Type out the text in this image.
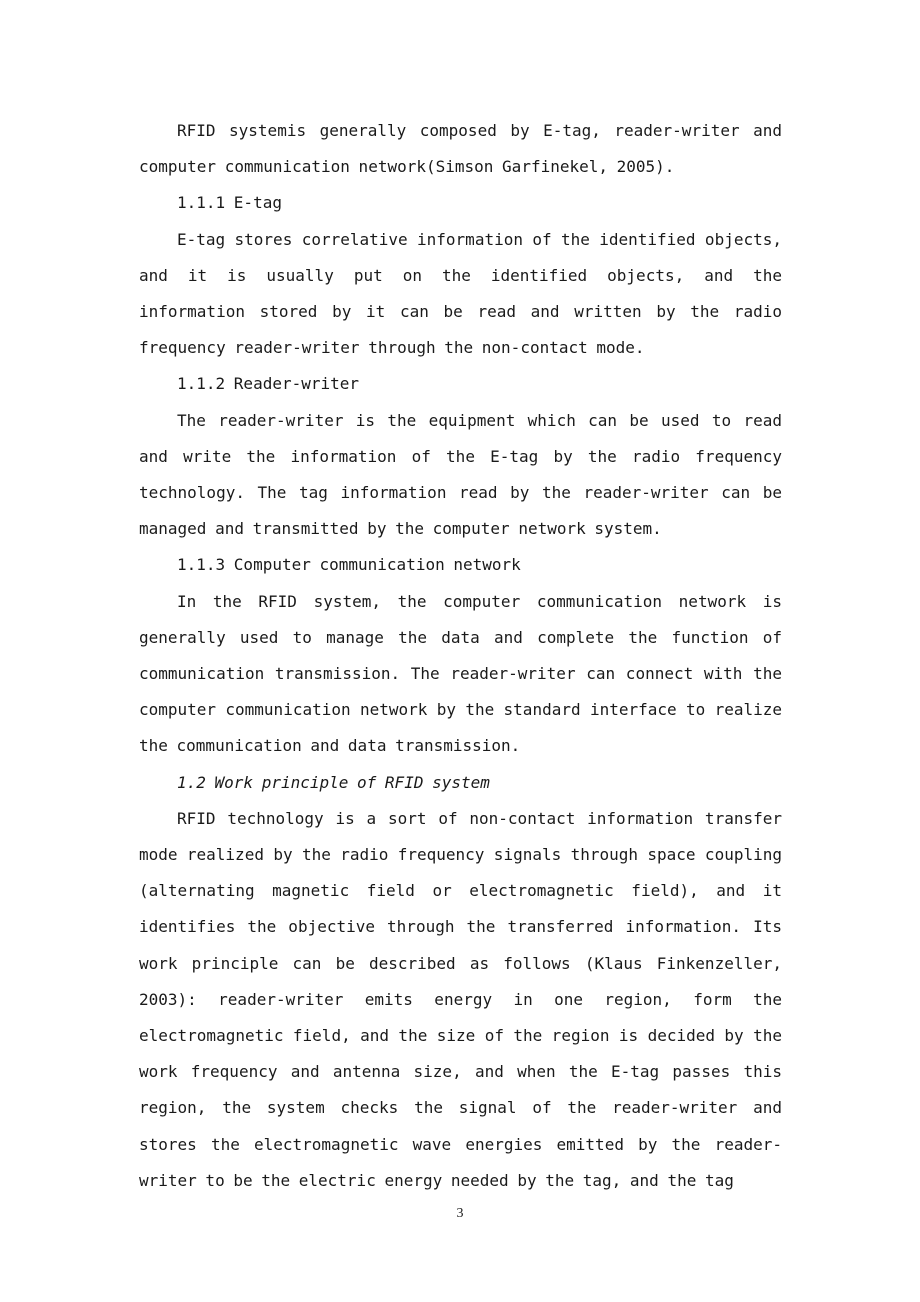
RFID systemis generally composed by E-tag, reader-writer and computer communication network(Simson Garfinekel, 2005).

1.1.1 E-tag

E-tag stores correlative information of the identified objects, and it is usually put on the identified objects, and the information stored by it can be read and written by the radio frequency reader-writer through the non-contact mode.

1.1.2 Reader-writer

The reader-writer is the equipment which can be used to read and write the information of the E-tag by the radio frequency technology. The tag information read by the reader-writer can be managed and transmitted by the computer network system.

1.1.3 Computer communication network

In the RFID system, the computer communication network is generally used to manage the data and complete the function of communication transmission. The reader-writer can connect with the computer communication network by the standard interface to realize the communication and data transmission.

1.2 Work principle of RFID system

RFID technology is a sort of non-contact information transfer mode realized by the radio frequency signals through space coupling (alternating magnetic field or electromagnetic field), and it identifies the objective through the transferred information. Its work principle can be described as follows (Klaus Finkenzeller, 2003): reader-writer emits energy in one region, form the electromagnetic field, and the size of the region is decided by the work frequency and antenna size, and when the E-tag passes this region, the system checks the signal of the reader-writer and stores the electromagnetic wave energies emitted by the reader-writer to be the electric energy needed by the tag, and the tag

3
